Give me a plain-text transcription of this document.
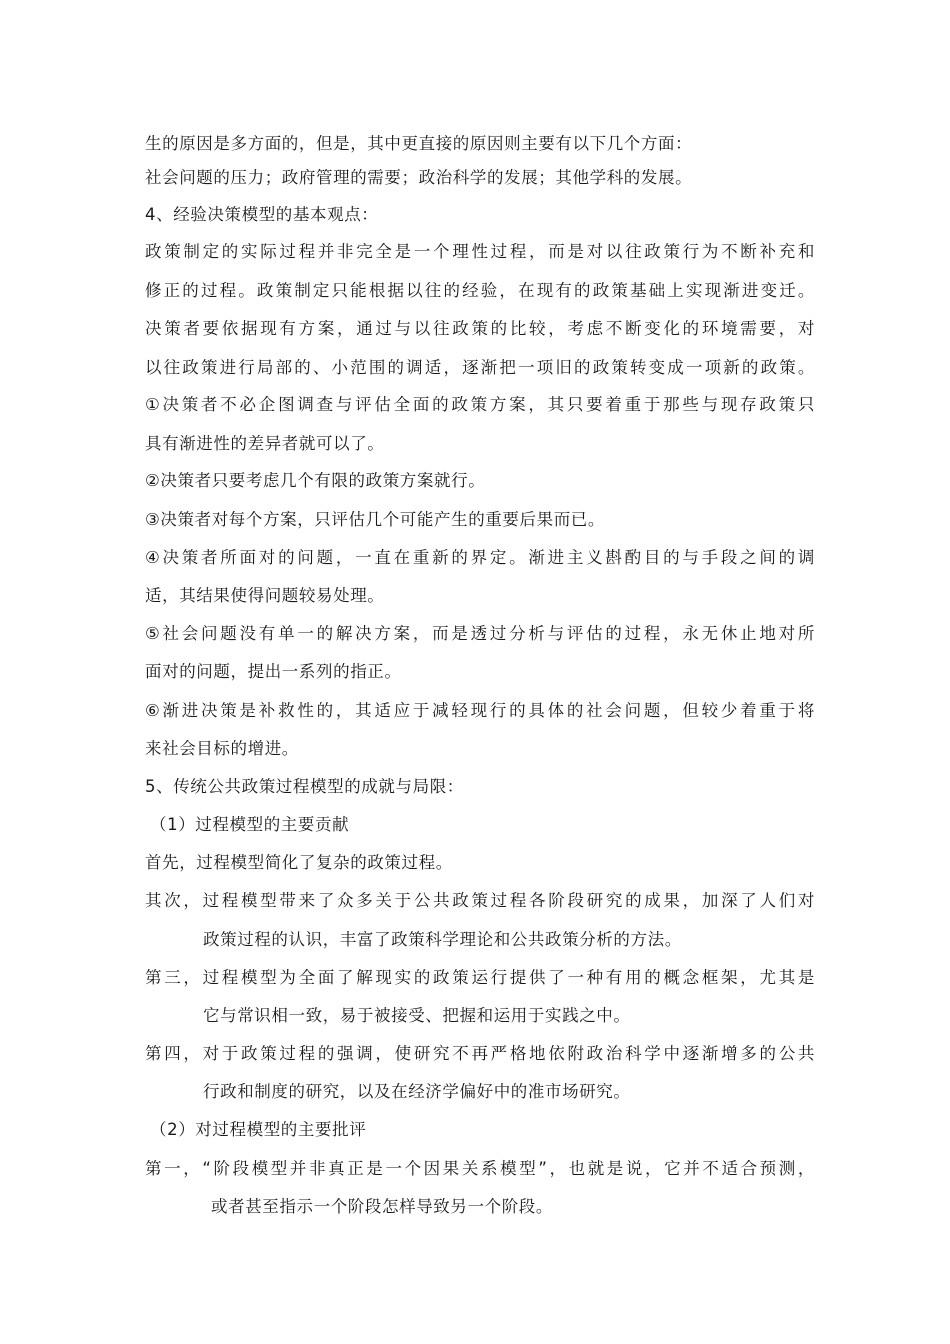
生的原因是多方面的，但是，其中更直接的原因则主要有以下几个方面：
社会问题的压力；政府管理的需要；政治科学的发展；其他学科的发展。
4、经验决策模型的基本观点：
政策制定的实际过程并非完全是一个理性过程，而是对以往政策行为不断补充和
修正的过程。政策制定只能根据以往的经验，在现有的政策基础上实现渐进变迁。
决策者要依据现有方案，通过与以往政策的比较，考虑不断变化的环境需要，对
以往政策进行局部的、小范围的调适，逐渐把一项旧的政策转变成一项新的政策。
①决策者不必企图调查与评估全面的政策方案，其只要着重于那些与现存政策只
具有渐进性的差异者就可以了。
②决策者只要考虑几个有限的政策方案就行。
③决策者对每个方案，只评估几个可能产生的重要后果而已。
④决策者所面对的问题，一直在重新的界定。渐进主义斟酌目的与手段之间的调
适，其结果使得问题较易处理。
⑤社会问题没有单一的解决方案，而是透过分析与评估的过程，永无休止地对所
面对的问题，提出一系列的指正。
⑥渐进决策是补救性的，其适应于减轻现行的具体的社会问题，但较少着重于将
来社会目标的增进。
5、传统公共政策过程模型的成就与局限：
（1）过程模型的主要贡献
首先，过程模型简化了复杂的政策过程。
其次，过程模型带来了众多关于公共政策过程各阶段研究的成果，加深了人们对
政策过程的认识，丰富了政策科学理论和公共政策分析的方法。
第三，过程模型为全面了解现实的政策运行提供了一种有用的概念框架，尤其是
它与常识相一致，易于被接受、把握和运用于实践之中。
第四，对于政策过程的强调，使研究不再严格地依附政治科学中逐渐增多的公共
行政和制度的研究，以及在经济学偏好中的准市场研究。
（2）对过程模型的主要批评
第一，“阶段模型并非真正是一个因果关系模型”，也就是说，它并不适合预测，
或者甚至指示一个阶段怎样导致另一个阶段。
